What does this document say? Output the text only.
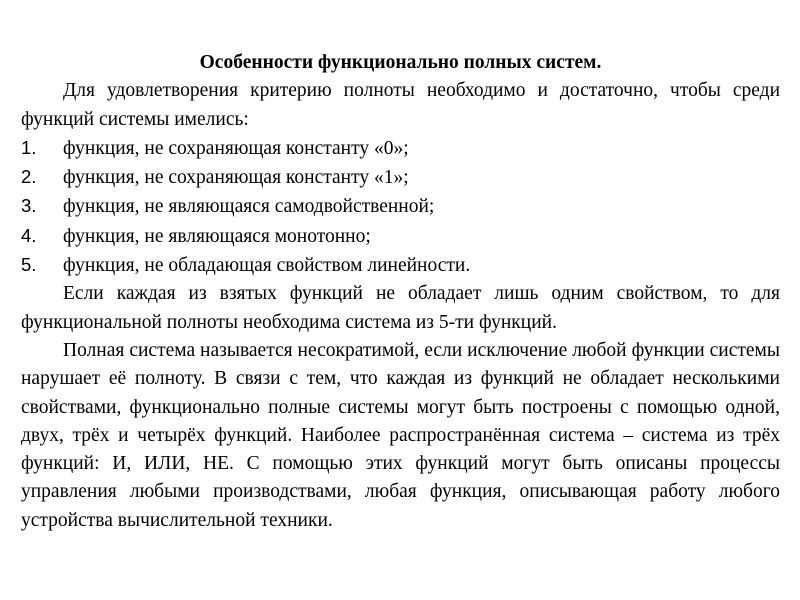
Особенности функционально полных систем.

Для удовлетворения критерию полноты необходимо и достаточно, чтобы среди функций системы имелись:

1.	функция, не сохраняющая константу «0»;
2.	функция, не сохраняющая константу «1»;
3.	функция, не являющаяся самодвойственной;
4.	функция, не являющаяся монотонно;
5.	функция, не обладающая свойством линейности.

Если каждая из взятых функций не обладает лишь одним свойством, то для функциональной полноты необходима система из 5-ти функций.

Полная система называется несократимой, если исключение любой функции системы нарушает её полноту. В связи с тем, что каждая из функций не обладает несколькими свойствами, функционально полные системы могут быть построены с помощью одной, двух, трёх и четырёх функций. Наиболее распространённая система – система из трёх функций: И, ИЛИ, НЕ. С помощью этих функций могут быть описаны процессы управления любыми производствами, любая функция, описывающая работу любого устройства вычислительной техники.
